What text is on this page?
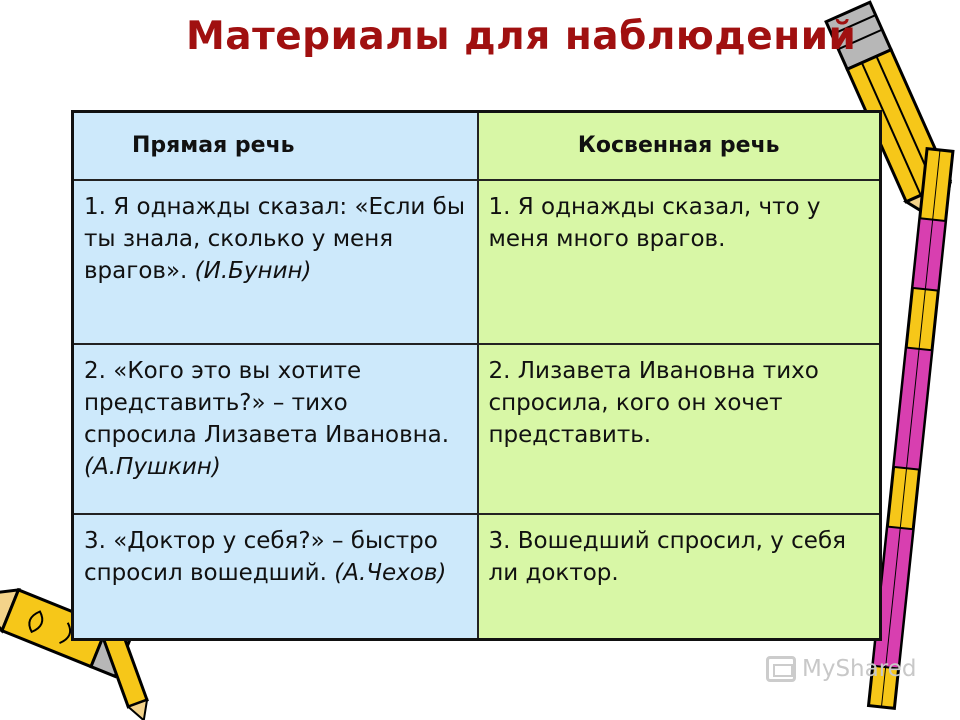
Материалы для наблюдений
Прямая речь	Косвенная речь
1. Я однажды сказал: «Если бы ты знала, сколько у меня врагов». (И.Бунин)	1. Я однажды сказал, что у меня много врагов.
2. «Кого это вы хотите представить?» – тихо спросила Лизавета Ивановна. (А.Пушкин)	2. Лизавета Ивановна тихо спросила, кого он хочет представить.
3. «Доктор у себя?» – быстро спросил вошедший. (А.Чехов)	3. Вошедший спросил, у себя ли доктор.
MyShared
